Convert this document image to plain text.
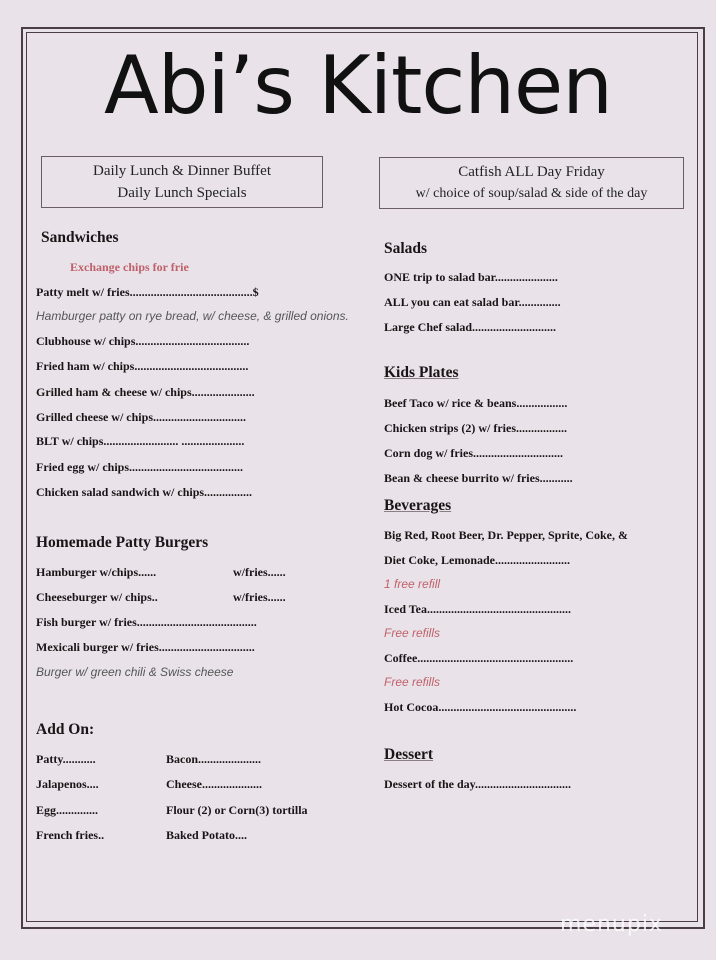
Abi’s Kitchen
Daily Lunch & Dinner Buffet
Daily Lunch Specials
Catfish ALL Day Friday
w/ choice of soup/salad & side of the day
Sandwiches
Exchange chips for frie
Patty melt w/ fries.........................................$
Hamburger patty on rye bread, w/ cheese, & grilled onions.
Clubhouse w/ chips......................................
Fried ham w/ chips......................................
Grilled ham & cheese w/ chips.....................
Grilled cheese w/ chips...............................
BLT w/ chips......................... .....................
Fried egg w/ chips......................................
Chicken salad sandwich w/ chips................
Homemade Patty Burgers
Hamburger w/chips......	w/fries......
Cheeseburger w/ chips..	w/fries......
Fish burger w/ fries........................................
Mexicali burger w/ fries................................
Burger w/ green chili & Swiss cheese
Add On:
Patty...........
Jalapenos....
Egg..............
French fries..
Bacon.....................
Cheese....................
Flour (2) or Corn(3) tortilla
Baked Potato....
Salads
ONE trip to salad bar.....................
ALL you can eat salad bar..............
Large Chef salad............................
Kids Plates
Beef Taco w/ rice & beans.................
Chicken strips (2) w/ fries.................
Corn dog w/ fries..............................
Bean & cheese burrito w/ fries...........
Beverages
Big Red, Root Beer, Dr. Pepper, Sprite, Coke, &
Diet Coke, Lemonade.........................
1 free refill
Iced Tea................................................
Free refills
Coffee....................................................
Free refills
Hot Cocoa..............................................
Dessert
Dessert of the day................................
menupix
